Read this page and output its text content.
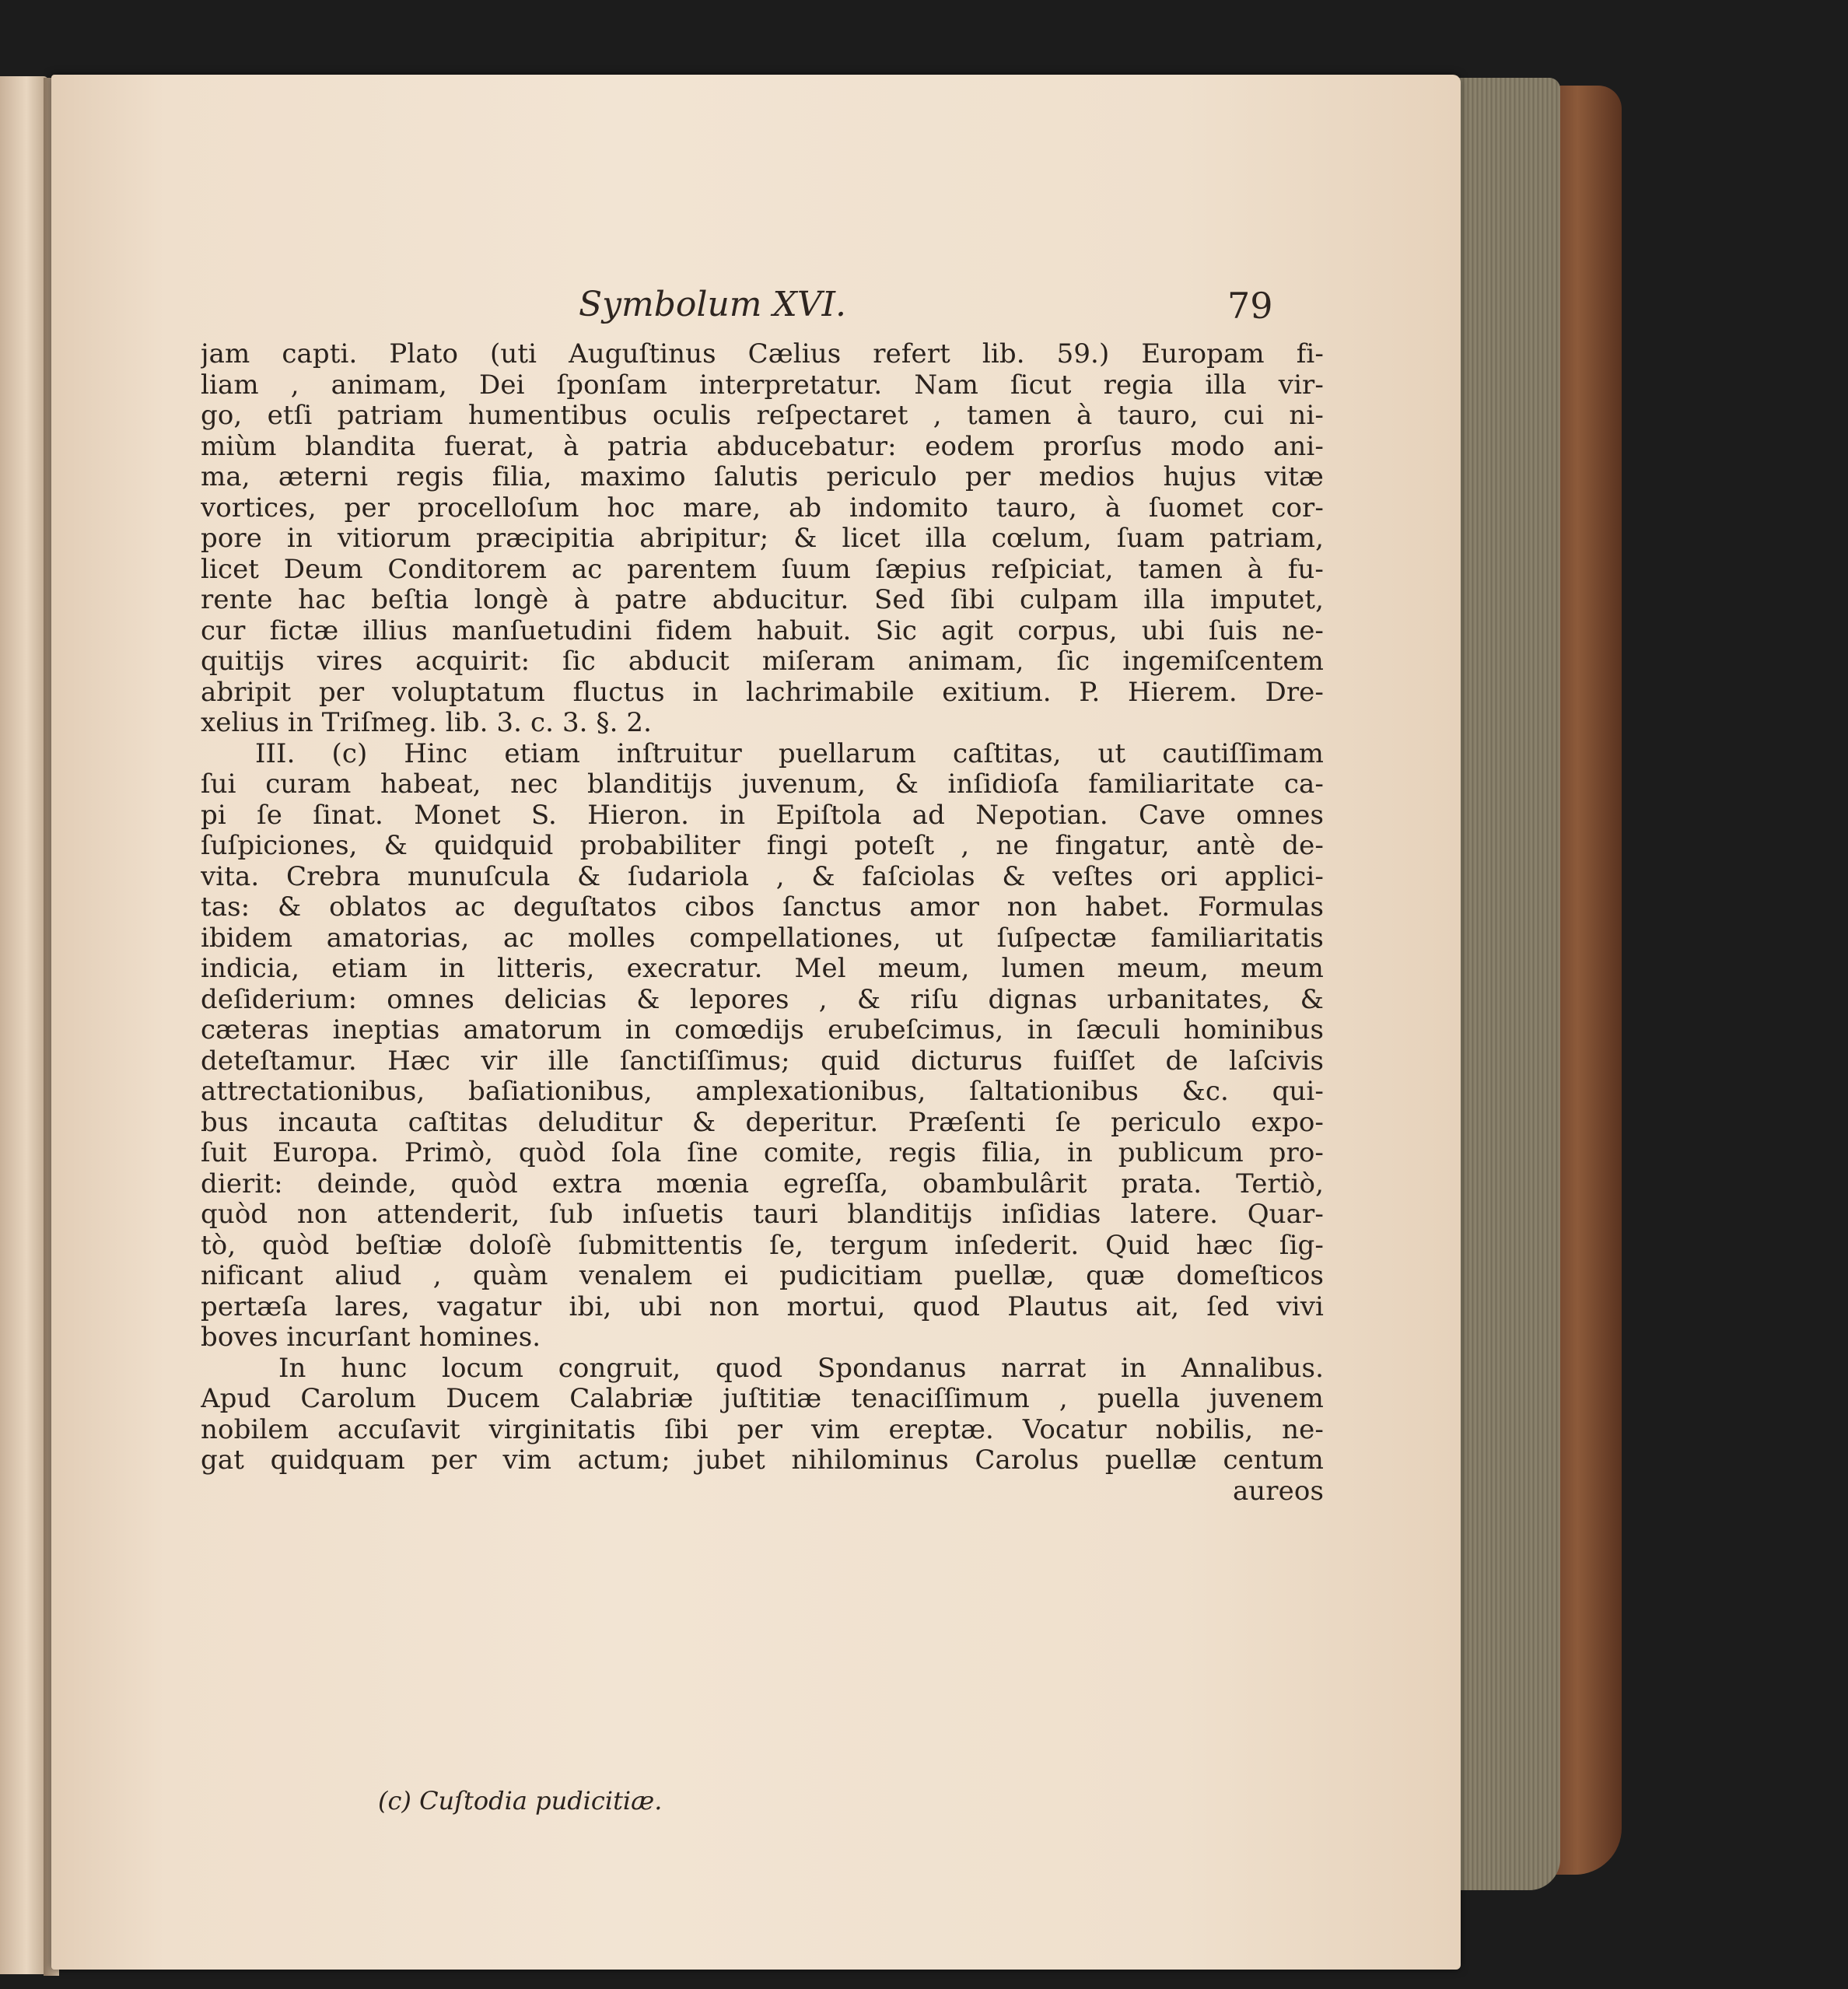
Symbolum XVI.	79
jam capti. Plato (uti Auguſtinus Cælius refert lib. 59.) Europam fi-
liam , animam, Dei ſponſam interpretatur. Nam ſicut regia illa vir-
go, etſi patriam humentibus oculis reſpectaret , tamen à tauro, cui ni-
miùm blandita fuerat, à patria abducebatur: eodem prorſus modo ani-
ma, æterni regis filia, maximo ſalutis periculo per medios hujus vitæ
vortices, per procelloſum hoc mare, ab indomito tauro, à ſuomet cor-
pore in vitiorum præcipitia abripitur; & licet illa cœlum, ſuam patriam,
licet Deum Conditorem ac parentem ſuum ſæpius reſpiciat, tamen à fu-
rente hac beſtia longè à patre abducitur. Sed ſibi culpam illa imputet,
cur fictæ illius manſuetudini fidem habuit. Sic agit corpus, ubi ſuis ne-
quitijs vires acquirit: ſic abducit miſeram animam, ſic ingemiſcentem
abripit per voluptatum fluctus in lachrimabile exitium. P. Hierem. Dre-
xelius in Triſmeg. lib. 3. c. 3. §. 2.
III. (c) Hinc etiam inſtruitur puellarum caſtitas, ut cautiſſimam
ſui curam habeat, nec blanditijs juvenum, & inſidioſa familiaritate ca-
pi ſe ſinat. Monet S. Hieron. in Epiſtola ad Nepotian. Cave omnes
ſuſpiciones, & quidquid probabiliter fingi poteſt , ne fingatur, antè de-
vita. Crebra munuſcula & ſudariola , & faſciolas & veſtes ori applici-
tas: & oblatos ac deguſtatos cibos ſanctus amor non habet. Formulas
ibidem amatorias, ac molles compellationes, ut ſuſpectæ familiaritatis
indicia, etiam in litteris, execratur. Mel meum, lumen meum, meum
deſiderium: omnes delicias & lepores , & riſu dignas urbanitates, &
cæteras ineptias amatorum in comœdijs erubeſcimus, in ſæculi hominibus
deteſtamur. Hæc vir ille ſanctiſſimus; quid dicturus fuiſſet de laſcivis
attrectationibus, baſiationibus, amplexationibus, ſaltationibus &c. qui-
bus incauta caſtitas deluditur & deperitur. Præſenti ſe periculo expo-
ſuit Europa. Primò, quòd ſola ſine comite, regis filia, in publicum pro-
dierit: deinde, quòd extra mœnia egreſſa, obambulârit prata. Tertiò,
quòd non attenderit, ſub inſuetis tauri blanditijs inſidias latere. Quar-
tò, quòd beſtiæ doloſè ſubmittentis ſe, tergum inſederit. Quid hæc ſig-
nificant aliud , quàm venalem ei pudicitiam puellæ, quæ domeſticos
pertæſa lares, vagatur ibi, ubi non mortui, quod Plautus ait, ſed vivi
boves incurſant homines.
In hunc locum congruit, quod Spondanus narrat in Annalibus.
Apud Carolum Ducem Calabriæ juſtitiæ tenaciſſimum , puella juvenem
nobilem accuſavit virginitatis ſibi per vim ereptæ. Vocatur nobilis, ne-
gat quidquam per vim actum; jubet nihilominus Carolus puellæ centum
aureos
(c) Cuſtodia pudicitiæ.
